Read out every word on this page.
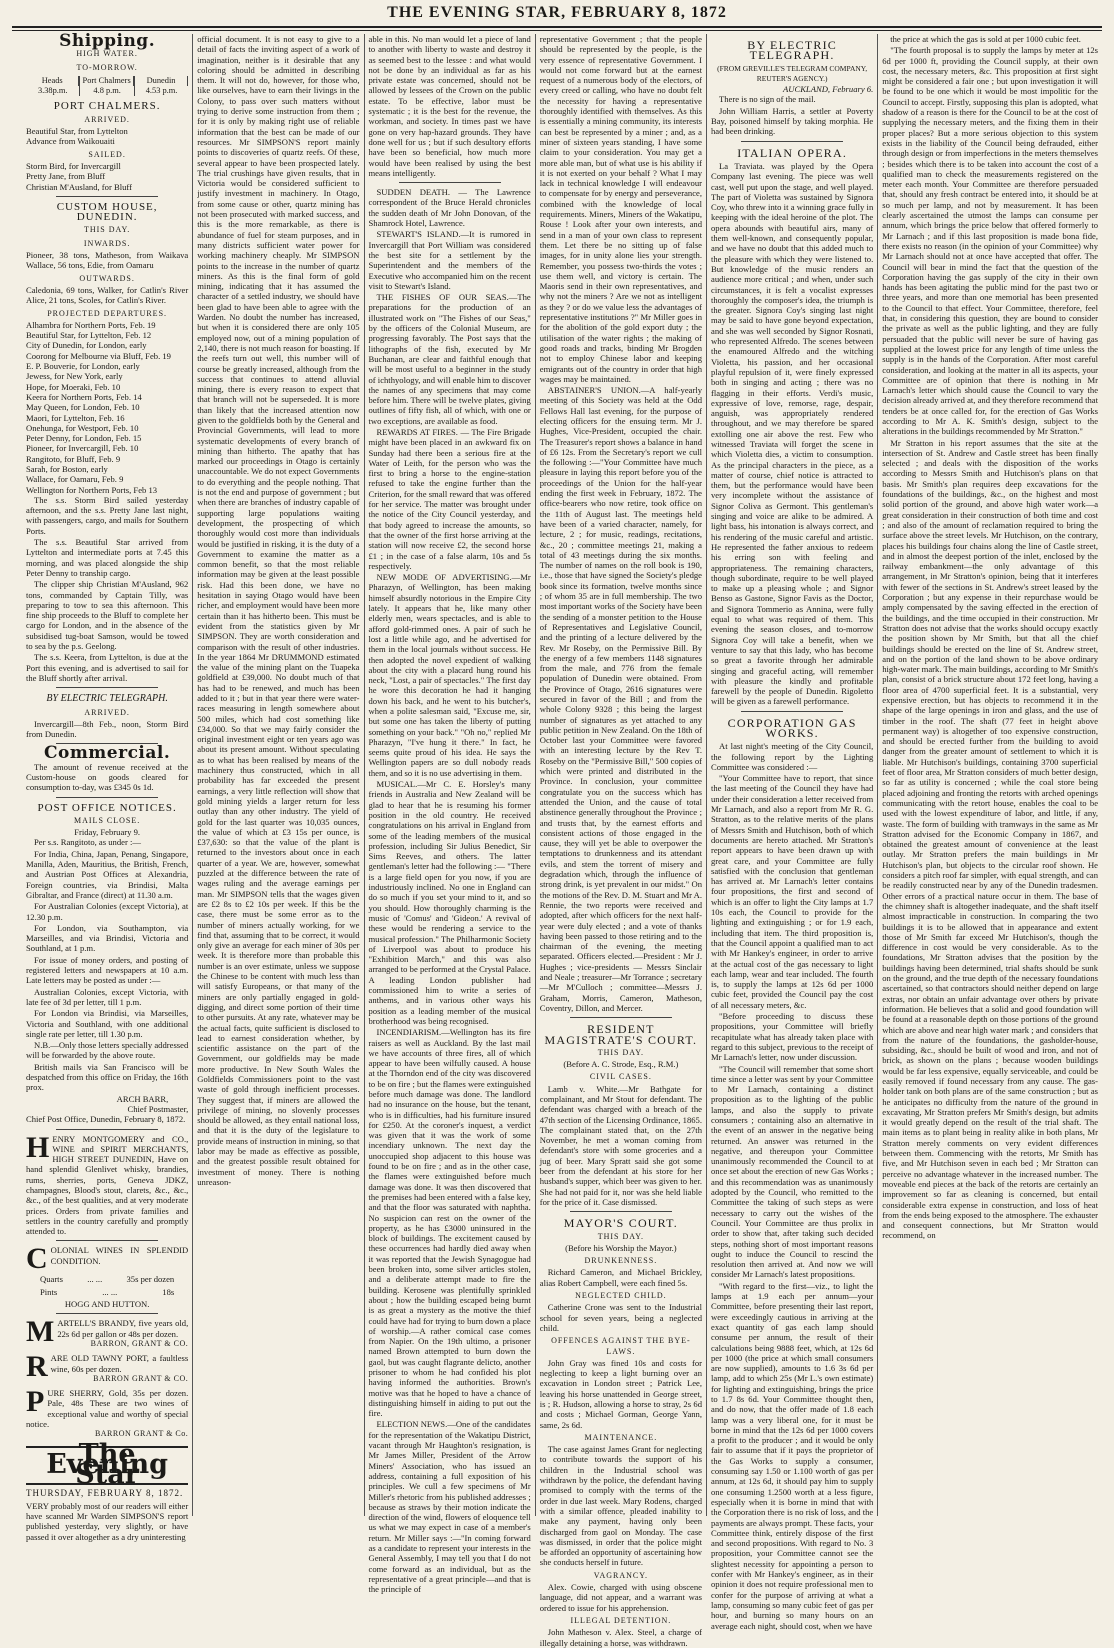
THE EVENING STAR, FEBRUARY 8, 1872
Shipping.
HIGH WATER.
TO-MORROW.
Heads
3.38p.m.
Port Chalmers
4.8 p.m.
Dunedin
4.53 p.m.
PORT CHALMERS.
ARRIVED.

Beautiful Star, from Lyttelton

Advance from Waikouaiti

SAILED.

Storm Bird, for Invercargill

Pretty Jane, from Bluff

Christian M'Ausland, for Bluff

CUSTOM HOUSE, DUNEDIN.
THIS DAY.
INWARDS.

Pioneer, 38 tons, Matheson, from Waikava Wallace, 56 tons, Edie, from Oamaru

OUTWARDS.

Caledonia, 69 tons, Walker, for Catlin's River Alice, 21 tons, Scoles, for Catlin's River.

PROJECTED DEPARTURES.

Alhambra for Northern Ports, Feb. 19

Beautiful Star, for Lyttelton, Feb. 12

City of Dunedin, for London, early

Coorong for Melbourne via Bluff, Feb. 19

E. P. Bouverie, for London, early

Jewess, for New York, early

Hope, for Moeraki, Feb. 10

Keera for Northern Ports, Feb. 14

May Queen, for London, Feb. 10

Maori, for Lyttelton, Feb. 16

Onehunga, for Westport, Feb. 10

Peter Denny, for London, Feb. 15

Pioneer, for Invercargill, Feb. 10

Rangitoto, for Bluff, Feb. 9

Sarah, for Boston, early

Wallace, for Oamaru, Feb. 9

Wellington for Northern Ports, Feb 13

The s.s. Storm Bird sailed yesterday afternoon, and the s.s. Pretty Jane last night, with passengers, cargo, and mails for Southern Ports.

The s.s. Beautiful Star arrived from Lyttelton and intermediate ports at 7.45 this morning, and was placed alongside the ship Peter Denny to tranship cargo.

The clipper ship Christian M'Ausland, 962 tons, commanded by Captain Tilly, was preparing to tow to sea this afternoon. This fine ship proceeds to the Bluff to complete her cargo for London, and in the absence of the subsidised tug-boat Samson, would be towed to sea by the p.s. Geelong.

The s.s. Keera, from Lyttelton, is due at the Port this evening, and is advertised to sail for the Bluff shortly after arrival.

BY ELECTRIC TELEGRAPH.
ARRIVED.

Invercargill—8th Feb., noon, Storm Bird from Dunedin.

Commercial.

The amount of revenue received at the Custom-house on goods cleared for consumption to-day, was £345 0s 1d.

POST OFFICE NOTICES.
MAILS CLOSE.
Friday, February 9.

Per s.s. Rangitoto, as under :—

For India, China, Japan, Penang, Singapore, Manilla, Aden, Mauritius, the British, French, and Austrian Post Offices at Alexandria, Foreign countries, via Brindisi, Malta Gibraltar, and France (direct) at 11.30 a.m.

For Australian Colonies (except Victoria), at 12.30 p.m.

For London, via Southampton, via Marseilles, and via Brindisi, Victoria and Southland, at 1 p.m.

For issue of money orders, and posting of registered letters and newspapers at 10 a.m. Late letters may be posted as under :—

Australian Colonies, except Victoria, with late fee of 3d per letter, till 1 p.m.

For London via Brindisi, via Marseilles, Victoria and Southland, with one additional single rate per letter, till 1.30 p.m.

N.B.—Only those letters specially addressed will be forwarded by the above route.

British mails via San Francisco will be despatched from this office on Friday, the 16th prox.

ARCH BARR,
Chief Postmaster,

Chief Post Office, Dunedin, February 8, 1872.

HENRY MONTGOMERY and CO., WINE and SPIRIT MERCHANTS, HIGH STREET DUNEDIN, Have on hand splendid Glenlivet whisky, brandies, rums, sherries, ports, Geneva JDKZ, champagnes, Blood's stout, clarets, &c., &c., &c., of the best qualities, and at very moderate prices. Orders from private families and settlers in the country carefully and promptly attended to.
COLONIAL WINES IN SPLENDID CONDITION.
Quarts	... ...	35s per dozen
Pints	... ...	18s
HOGG AND HUTTON.
MARTELL'S BRANDY, five years old, 22s 6d per gallon or 48s per dozen.
BARRON, GRANT & CO.
RARE OLD TAWNY PORT, a faultless wine, 60s per dozen.
BARRON GRANT & CO.
PURE SHERRY, Gold, 35s per dozen. Pale, 48s These are two wines of exceptional value and worthy of special notice.
BARRON GRANT & Co.
The Evening Star
THURSDAY, FEBRUARY 8, 1872.

VERY probably most of our readers will either have scanned Mr Warden SIMPSON'S report published yesterday, very slightly, or have passed it over altogether as a dry uninteresting

official document. It is not easy to give to a detail of facts the inviting aspect of a work of imagination, neither is it desirable that any coloring should be admitted in describing them. It will not do, however, for those who, like ourselves, have to earn their livings in the Colony, to pass over such matters without trying to derive some instruction from them ; for it is only by making right use of reliable information that the best can be made of our resources. Mr SIMPSON'S report mainly points to discoveries of quartz reefs. Of these, several appear to have been prospected lately. The trial crushings have given results, that in Victoria would be considered sufficient to justify investment in machinery. In Otago, from some cause or other, quartz mining has not been prosecuted with marked success, and this is the more remarkable, as there is abundance of fuel for steam purposes, and in many districts sufficient water power for working machinery cheaply. Mr SIMPSON points to the increase in the number of quartz miners. As this is the final form of gold mining, indicating that it has assumed the character of a settled industry, we should have been glad to have been able to agree with the Warden. No doubt the number has increased, but when it is considered there are only 105 employed now, out of a mining population of 2,140, there is not much reason for boasting. If the reefs turn out well, this number will of course be greatly increased, although from the success that continues to attend alluvial mining, there is every reason to expect that that branch will not be superseded. It is more than likely that the increased attention now given to the goldfields both by the General and Provincial Governments, will lead to more systematic developments of every branch of mining than hitherto. The apathy that has marked our proceedings in Otago is certainly unaccountable. We do not expect Governments to do everything and the people nothing. That is not the end and purpose of government ; but when there are branches of industry capable of supporting large populations waiting development, the prospecting of which thoroughly would cost more than individuals would be justified in risking, it is the duty of a Government to examine the matter as a common benefit, so that the most reliable information may be given at the least possible risk. Had this been done, we have no hesitation in saying Otago would have been richer, and employment would have been more certain than it has hitherto been. This must be evident from the statistics given by Mr SIMPSON. They are worth consideration and comparison with the result of other industries. In the year 1864 Mr DRUMMOND estimated the value of the mining plant on the Tuapeka goldfield at £39,000. No doubt much of that has had to be renewed, and much has been added to it ; but in that year there were water-races measuring in length somewhere about 500 miles, which had cost something like £34,000. So that we may fairly consider the original investment eight or ten years ago was about its present amount. Without speculating as to what has been realised by means of the machinery thus constructed, which in all probability has far exceeded the present earnings, a very little reflection will show that gold mining yields a larger return for less outlay than any other industry. The yield of gold for the last quarter was 10,035 ounces, the value of which at £3 15s per ounce, is £37,630: so that the value of the plant is returned to the investors about once in each quarter of a year. We are, however, somewhat puzzled at the difference between the rate of wages ruling and the average earnings per man. Mr SIMPSON tells that the wages given are £2 8s to £2 10s per week. If this be the case, there must be some error as to the number of miners actually working, for we find that, assuming that to be correct, it would only give an average for each miner of 30s per week. It is therefore more than probable this number is an over estimate, unless we suppose the Chinese to be content with much less than will satisfy Europeans, or that many of the miners are only partially engaged in gold-digging, and direct some portion of their time to other pursuits. At any rate, whatever may be the actual facts, quite sufficient is disclosed to lead to earnest consideration whether, by scientific assistance on the part of the Government, our goldfields may be made more productive. In New South Wales the Goldfields Commissioners point to the vast waste of gold through inefficient processes. They suggest that, if miners are allowed the privilege of mining, no slovenly processes should be allowed, as they entail national loss, and that it is the duty of the legislature to provide means of instruction in mining, so that labor may be made as effective as possible, and the greatest possible result obtained for investment of money. There is nothing unreason-

able in this. No man would let a piece of land to another with liberty to waste and destroy it as seemed best to the lessee : and what would not be done by an individual as far as his private estate was concerned, should not be allowed by lessees of the Crown on the public estate. To be effective, labor must be systematic ; it is the best for the revenue, the workman, and society. In times past we have gone on very hap-hazard grounds. They have done well for us ; but if such desultory efforts have been so beneficial, how much more would have been realised by using the best means intelligently.

SUDDEN DEATH. — The Lawrence correspondent of the Bruce Herald chronicles the sudden death of Mr John Donovan, of the Shamrock Hotel, Lawrence.

STEWART'S ISLAND.—It is rumored in Invercargill that Port William was considered the best site for a settlement by the Superintendent and the members of the Executive who accompanied him on the recent visit to Stewart's Island.

THE FISHES OF OUR SEAS.—The preparations for the production of an illustrated work on "The Fishes of our Seas," by the officers of the Colonial Museum, are progressing favorably. The Post says that the lithographs of the fish, executed by Mr Buchanan, are clear and faithful enough that will be most useful to a beginner in the study of ichthyology, and will enable him to discover the names of any specimens that may come before him. There will be twelve plates, giving outlines of fifty fish, all of which, with one or two exceptions, are available as food.

REWARDS AT FIRES. — The Fire Brigade might have been placed in an awkward fix on Sunday had there been a serious fire at the Water of Leith, for the person who was the first to bring a horse to the engine-station refused to take the engine further than the Criterion, for the small reward that was offered for her service. The matter was brought under the notice of the City Council yesterday, and that body agreed to increase the amounts, so that the owner of the first horse arriving at the station will now receive £2, the second horse £1 ; in the case of a false alarm, 10s and 5s respectively.

NEW MODE OF ADVERTISING.—Mr Pharazyn, of Wellington, has been making himself absurdly notorious in the Empire City lately. It appears that he, like many other elderly men, wears spectacles, and is able to afford gold-rimmed ones. A pair of such he lost a little while ago, and he advertised for them in the local journals without success. He then adopted the novel expedient of walking about the city with a placard hung round his neck, "Lost, a pair of spectacles." The first day he wore this decoration he had it hanging down his back, and he went to his butcher's, when a polite salesman said, "Excuse me, sir, but some one has taken the liberty of putting something on your back." "Oh no," replied Mr Pharazyn, "I've hung it there." In fact, he seems quite proud of his idea. He says the Wellington papers are so dull nobody reads them, and so it is no use advertising in them.

MUSICAL.—Mr C. E. Horsley's many friends in Australia and New Zealand will be glad to hear that he is resuming his former position in the old country. He received congratulations on his arrival in England from some of the leading members of the musical profession, including Sir Julius Benedict, Sir Sims Reeves, and others. The latter gentleman's letter had the following :— "There is a large field open for you now, if you are industriously inclined. No one in England can do so much if you set your mind to it, and so you should. How thoroughly charming is the music of 'Comus' and 'Gideon.' A revival of these would be rendering a service to the musical profession." The Philharmonic Society of Liverpool was about to produce his "Exhibition March," and this was also arranged to be performed at the Crystal Palace. A leading London publisher had commissioned him to write a series of anthems, and in various other ways his position as a leading member of the musical brotherhood was being recognised.

INCENDIARISM.—Wellington has its fire raisers as well as Auckland. By the last mail we have accounts of three fires, all of which appear to have been wilfully caused. A house at the Thorndon end of the city was discovered to be on fire ; but the flames were extinguished before much damage was done. The landlord had no insurance on the house, but the tenant, who is in difficulties, had his furniture insured for £250. At the coroner's inquest, a verdict was given that it was the work of some incendiary unknown. The next day the unoccupied shop adjacent to this house was found to be on fire ; and as in the other case, the flames were extinguished before much damage was done. It was then discovered that the premises had been entered with a false key, and that the floor was saturated with naphtha. No suspicion can rest on the owner of the property, as he has £3000 uninsured in the block of buildings. The excitement caused by these occurrences had hardly died away when it was reported that the Jewish Synagogue had been broken into, some silver articles stolen, and a deliberate attempt made to fire the building. Kerosene was plentifully sprinkled about ; how the building escaped being burnt is as great a mystery as the motive the thief could have had for trying to burn down a place of worship.—A rather comical case comes from Napier. On the 19th ultimo, a prisoner named Brown attempted to burn down the gaol, but was caught flagrante delicto, another prisoner to whom he had confided his plot having informed the authorities. Brown's motive was that he hoped to have a chance of distinguishing himself in aiding to put out the fire.

ELECTION NEWS.—One of the candidates for the representation of the Wakatipu District, vacant through Mr Haughton's resignation, is Mr James Miller, President of the Arrow Miners' Association, who has issued an address, containing a full exposition of his principles. We cull a few specimens of Mr Miller's rhetoric from his published addresses ; because as straws by their motion indicate the direction of the wind, flowers of eloquence tell us what we may expect in case of a member's return. Mr Miller says :—"In coming forward as a candidate to represent your interests in the General Assembly, I may tell you that I do not come forward as an individual, but as the representative of a great principle—and that is the principle of

representative Government ; that the people should be represented by the people, is the very essence of representative Government. I would not come forward but at the earnest request of a numerous body of the electors, of every creed or calling, who have no doubt felt the necessity for having a representative thoroughly identified with themselves. As this is essentially a mining community, its interests can best be represented by a miner ; and, as a miner of sixteen years standing, I have some claim to your consideration. You may get a more able man, but of what use is his ability if it is not exerted on your behalf ? What I may lack in technical knowledge I will endeavour to compensate for by energy and perseverance, combined with the knowledge of local requirements. Miners, Miners of the Wakatipu, Rouse ! Look after your own interests, and send in a man of your own class to represent them. Let there be no sitting up of false images, for in unity alone lies your strength. Remember, you possess two-thirds the votes ; use them well, and victory is certain. The Maoris send in their own representatives, and why not the miners ? Are we not as intelligent as they ? or do we value less the advantages of representative institutions ?" Mr Miller goes in for the abolition of the gold export duty ; the utilisation of the water rights ; the making of good roads and tracks, binding Mr Brogden not to employ Chinese labor and keeping emigrants out of the country in order that high wages may be maintained.

ABSTAINER'S UNION.—A half-yearly meeting of this Society was held at the Odd Fellows Hall last evening, for the purpose of electing officers for the ensuing term. Mr J. Hughes, Vice-President, occupied the chair. The Treasurer's report shows a balance in hand of £6 12s. From the Secretary's report we cull the following :—"Your Committee have much pleasure in laying this report before you of the proceedings of the Union for the half-year ending the first week in February, 1872. The office-bearers who now retire, took office on the 11th of August last. The meetings held have been of a varied character, namely, for lecture, 2 ; for music, readings, recitations, &c., 20 ; committee meetings 21, making a total of 43 meetings during the six months. The number of names on the roll book is 190, i.e., those that have signed the Society's pledge book since its formation, twelve months since ; of whom 35 are in full membership. The two most important works of the Society have been the sending of a monster petition to the House of Representatives and Legislative Council, and the printing of a lecture delivered by the Rev. Mr Roseby, on the Permissive Bill. By the energy of a few members 1148 signatures from the male, and 776 from the female population of Dunedin were obtained. From the Province of Otago, 2616 signatures were secured in favor of the Bill ; and from the whole Colony 9328 ; this being the largest number of signatures as yet attached to any public petition in New Zealand. On the 18th of October last your Committee were favored with an interesting lecture by the Rev T. Roseby on the "Permissive Bill," 500 copies of which were printed and distributed in the Province. In conclusion, your committee congratulate you on the success which has attended the Union, and the cause of total abstinence generally throughout the Province ; and trusts that, by the earnest efforts and consistent actions of those engaged in the cause, they will yet be able to overpower the temptations to drunkenness and its attendant evils, and stem the torrent of misery and degradation which, through the influence of strong drink, is yet prevalent in our midst." On the motions of the Rev. D. M. Stuart and Mr A. Rennie, the two reports were received and adopted, after which officers for the next half-year were duly elected ; and a vote of thanks having been passed to those retiring and to the chairman of the evening, the meeting separated. Officers elected.—President : Mr J. Hughes ; vice-presidents — Messrs Sinclair and Neale ; treasurer—Mr Torrance ; secretary—Mr M'Culloch ; committee—Messrs J. Graham, Morris, Cameron, Matheson, Coventry, Dillon, and Mercer.

RESIDENT MAGISTRATE'S COURT.
THIS DAY.
(Before A. C. Strode, Esq., R.M.)
CIVIL CASES.

Lamb v. White.—Mr Bathgate for complainant, and Mr Stout for defendant. The defendant was charged with a breach of the 47th section of the Licensing Ordinance, 1865. The complainant stated that, on the 27th November, he met a woman coming from defendant's store with some groceries and a jug of beer. Mary Spratt said she got some beer from the defendant at his store for her husband's supper, which beer was given to her. She had not paid for it, nor was she held liable for the price of it. Case dismissed.

MAYOR'S COURT.
THIS DAY.
(Before his Worship the Mayor.)
DRUNKENNESS.

Richard Cameron, and Michael Brickley, alias Robert Campbell, were each fined 5s.

NEGLECTED CHILD.

Catherine Crone was sent to the Industrial school for seven years, being a neglected child.

OFFENCES AGAINST THE BYE-LAWS.

John Gray was fined 10s and costs for neglecting to keep a light burning over an excavation in London street ; Patrick Lee, leaving his horse unattended in George street, is ; R. Hudson, allowing a horse to stray, 2s 6d and costs ; Michael Gorman, George Yann, same, 2s 6d.

MAINTENANCE.

The case against James Grant for neglecting to contribute towards the support of his children in the Industrial school was withdrawn by the police, the defendant having promised to comply with the terms of the order in due last week. Mary Rodens, charged with a similar offence, pleaded inability to make any payment, having only been discharged from gaol on Monday. The case was dismissed, in order that the police might be afforded an opportunity of ascertaining how she conducts herself in future.

VAGRANCY.

Alex. Cowie, charged with using obscene language, did not appear, and a warrant was ordered to issue for his apprehension.

ILLEGAL DETENTION.

John Matheson v. Alex. Steel, a charge of illegally detaining a horse, was withdrawn.

BY ELECTRIC TELEGRAPH.
(FROM GREVILLE'S TELEGRAM COMPANY, REUTER'S AGENCY.)
AUCKLAND, February 6.

There is no sign of the mail.

John William Harris, a settler at Poverty Bay, poisoned himself by taking morphia. He had been drinking.

ITALIAN OPERA.

La Traviata. was played by the Opera Company last evening. The piece was well cast, well put upon the stage, and well played. The part of Violetta was sustained by Signora Coy, who threw into it a winning grace fully in keeping with the ideal heroine of the plot. The opera abounds with beautiful airs, many of them well-known, and consequently popular, and we have no doubt that this added much to the pleasure with which they were listened to. But knowledge of the music renders an audience more critical ; and when, under such circumstances, it is felt a vocalist expresses thoroughly the composer's idea, the triumph is the greater. Signora Coy's singing last night may be said to have gone beyond expectation, and she was well seconded by Signor Rosnati, who represented Alfredo. The scenes between the enamoured Alfredo and the witching Violetta, his passion, and her occasional playful repulsion of it, were finely expressed both in singing and acting ; there was no flagging in their efforts. Verdi's music, expressive of love, remorse, rage, despair, anguish, was appropriately rendered throughout, and we may therefore be spared extolling one air above the rest. Few who witnessed Traviata will forget the scene in which Violetta dies, a victim to consumption. As the principal characters in the piece, as a matter of course, chief notice is attracted to them, but the performance would have been very incomplete without the assistance of Signor Coliva as Germont. This gentleman's singing and voice are alike to be admired. A light bass, his intonation is always correct, and his rendering of the music careful and artistic. He represented the father anxious to redeem his erring son with feeling and appropriateness. The remaining characters, though subordinate, require to be well played to make up a pleasing whole ; and Signor Benso as Gastone, Signor Favis as the Doctor, and Signora Tommerio as Annina, were fully equal to what was required of them. This evening the season closes, and to-morrow Signora Coy will take a benefit, when we venture to say that this lady, who has become so great a favorite through her admirable singing and graceful acting, will remember with pleasure the kindly and profitable farewell by the people of Dunedin. Rigoletto will be given as a farewell performance.

CORPORATION GAS WORKS.

At last night's meeting of the City Council, the following report by the Lighting Committee was considered :—

"Your Committee have to report, that since the last meeting of the Council they have had under their consideration a letter received from Mr Larnach, and also a report from Mr R. G. Stratton, as to the relative merits of the plans of Messrs Smith and Hutchison, both of which documents are hereto attached. Mr Stratton's report appears to have been drawn up with great care, and your Committee are fully satisfied with the conclusion that gentleman has arrived at. Mr Larnach's letter contains four propositions, the first and second of which is an offer to light the City lamps at 1.7 10s each, the Council to provide for the lighting and extinguishing ; or for 1.9 each, including that item. The third proposition is, that the Council appoint a qualified man to act with Mr Hankey's engineer, in order to arrive at the actual cost of the gas necessary to light each lamp, wear and tear included. The fourth is, to supply the lamps at 12s 6d per 1000 cubic feet, provided the Council pay the cost of all necessary meters, &c.

"Before proceeding to discuss these propositions, your Committee will briefly recapitulate what has already taken place with regard to this subject, previous to the receipt of Mr Larnach's letter, now under discussion.

"The Council will remember that some short time since a letter was sent by your Committee to Mr Larnach, containing a distinct proposition as to the lighting of the public lamps, and also the supply to private consumers ; containing also an alternative in the event of an answer in the negative being returned. An answer was returned in the negative, and thereupon your Committee unanimously recommended the Council to at once set about the erection of new Gas Works ; and this recommendation was as unanimously adopted by the Council, who remitted to the Committee the taking of such steps as were necessary to carry out the wishes of the Council. Your Committee are thus prolix in order to show that, after taking such decided steps, nothing short of most important reasons ought to induce the Council to rescind the resolution then arrived at. And now we will consider Mr Larnach's latest propositions.

"With regard to the first—viz., to light the lamps at 1.9 each per annum—your Committee, before presenting their last report, were exceedingly cautious in arriving at the exact quantity of gas each lamp should consume per annum, the result of their calculations being 9888 feet, which, at 12s 6d per 1000 (the price at which small consumers are now supplied), amounts to 1.6 3s 6d per lamp, add to which 25s (Mr L.'s own estimate) for lighting and extinguishing, brings the price to 1.7 8s 6d. Your Committee thought then, and do now, that the offer made of 1.8 each lamp was a very liberal one, for it must be borne in mind that the 12s 6d per 1000 covers a profit to the producer ; and it would be only fair to assume that if it pays the proprietor of the Gas Works to supply a consumer, consuming say 1.50 or 1.100 worth of gas per annum, at 12s 6d, it should pay him to supply one consuming 1.2500 worth at a less figure, especially when it is borne in mind that with the Corporation there is no risk of loss, and the payments are always prompt. These facts, your Committee think, entirely dispose of the first and second propositions. With regard to No. 3 proposition, your Committee cannot see the slightest necessity for appointing a person to confer with Mr Hankey's engineer, as in their opinion it does not require professional men to confer for the purpose of arriving at what a lamp, consuming so many cubic feet of gas per hour, and burning so many hours on an average each night, should cost, when we have

the price at which the gas is sold at per 1000 cubic feet.

"The fourth proposal is to supply the lamps by meter at 12s 6d per 1000 ft, providing the Council supply, at their own cost, the necessary meters, &c. This proposition at first sight might be considered a fair one ; but upon investigation it will be found to be one which it would be most impolitic for the Council to accept. Firstly, supposing this plan is adopted, what shadow of a reason is there for the Council to be at the cost of supplying the necessary meters, and the fixing them in their proper places? But a more serious objection to this system exists in the liability of the Council being defrauded, either through design or from imperfections in the meters themselves ; besides which there is to be taken into account the cost of a qualified man to check the measurements registered on the meter each month. Your Committee are therefore persuaded that, should any fresh contract be entered into, it should be at so much per lamp, and not by measurement. It has been clearly ascertained the utmost the lamps can consume per annum, which brings the price below that offered formerly to Mr Larnach ; and if this last proposition is made bona fide, there exists no reason (in the opinion of your Committee) why Mr Larnach should not at once have accepted that offer. The Council will bear in mind the fact that the question of the Corporation having the gas supply of the city in their own hands has been agitating the public mind for the past two or three years, and more than one memorial has been presented to the Council to that effect. Your Committee, therefore, feel that, in considering this question, they are bound to consider the private as well as the public lighting, and they are fully persuaded that the public will never be sure of having gas supplied at the lowest price for any length of time unless the supply is in the hands of the Corporation. After most careful consideration, and looking at the matter in all its aspects, your Committee are of opinion that there is nothing in Mr Larnach's letter which should cause the Council to vary the decision already arrived at, and they therefore recommend that tenders be at once called for, for the erection of Gas Works according to Mr A. K. Smith's design, subject to the alterations in the buildings recommended by Mr Stratton."

Mr Stratton in his report assumes that the site at the intersection of St. Andrew and Castle street has been finally selected ; and deals with the disposition of the works according to Messrs Smith and Hutchison's plans on that basis. Mr Smith's plan requires deep excavations for the foundations of the buildings, &c., on the highest and most solid portion of the ground, and above high water work—a great consideration in their construction of both time and cost ; and also of the amount of reclamation required to bring the surface above the street levels. Mr Hutchison, on the contrary, places his buildings four chains along the line of Castle street, and in almost the deepest portion of the inlet, enclosed by the railway embankment—the only advantage of this arrangement, in Mr Stratton's opinion, being that it interferes with fewer of the sections in St. Andrew's street leased by the Corporation ; but any expense in their repurchase would be amply compensated by the saving effected in the erection of the buildings, and the time occupied in their construction. Mr Stratton does not advise that the works should occupy exactly the position shown by Mr Smith, but that all the chief buildings should be erected on the line of St. Andrew street, and on the portion of the land shown to be above ordinary high-water mark. The main buildings, according to Mr Smith's plan, consist of a brick structure about 172 feet long, having a floor area of 4700 superficial feet. It is a substantial, very expensive erection, but has objects to recommend it in the shape of the large openings in iron and glass, and the use of timber in the roof. The shaft (77 feet in height above permanent way) is altogether of too expensive construction, and should be erected further from the building to avoid danger from the greater amount of settlement to which it is liable. Mr Hutchison's buildings, containing 3700 superficial feet of floor area, Mr Stratton considers of much better design, so far as utility is concerned ; while the coal store being placed adjoining and fronting the retorts with arched openings communicating with the retort house, enables the coal to be used with the lowest expenditure of labor, and little, if any, waste. The form of building with tramways in the same as Mr Stratton advised for the Economic Company in 1867, and obtained the greatest amount of convenience at the least outlay. Mr Stratton prefers the main buildings in Mr Hutchison's plan, but objects to the circular roof shown. He considers a pitch roof far simpler, with equal strength, and can be readily constructed near by any of the Dunedin tradesmen. Other errors of a practical nature occur in them. The base of the chimney shaft is altogether inadequate, and the shaft itself almost impracticable in construction. In comparing the two buildings it is to be allowed that in appearance and extent those of Mr Smith far exceed Mr Hutchison's, though the difference in cost would be very considerable. As to the foundations, Mr Stratton advises that the position by the buildings having been determined, trial shafts should be sunk on the ground, and the true depth of the necessary foundations ascertained, so that contractors should neither depend on large extras, nor obtain an unfair advantage over others by private information. He believes that a solid and good foundation will be found at a reasonable depth on those portions of the ground which are above and near high water mark ; and considers that from the nature of the foundations, the gasholder-house, subsiding, &c., should be built of wood and iron, and not of brick, as shown on the plans ; because wooden buildings would be far less expensive, equally serviceable, and could be easily removed if found necessary from any cause. The gas-holder tank on both plans are of the same construction ; but as he anticipates no difficulty from the nature of the ground in excavating, Mr Stratton prefers Mr Smith's design, but admits it would greatly depend on the result of the trial shaft. The main items as to plant being in reality alike in both plans, Mr Stratton merely comments on very evident differences between them. Commencing with the retorts, Mr Smith has five, and Mr Hutchison seven in each bed ; Mr Stratton can perceive no advantage whatever in the increased number. The moveable end pieces at the back of the retorts are certainly an improvement so far as cleaning is concerned, but entail considerable extra expense in construction, and loss of heat from the ends being exposed to the atmosphere. The exhauster and consequent connections, but Mr Stratton would recommend, on
